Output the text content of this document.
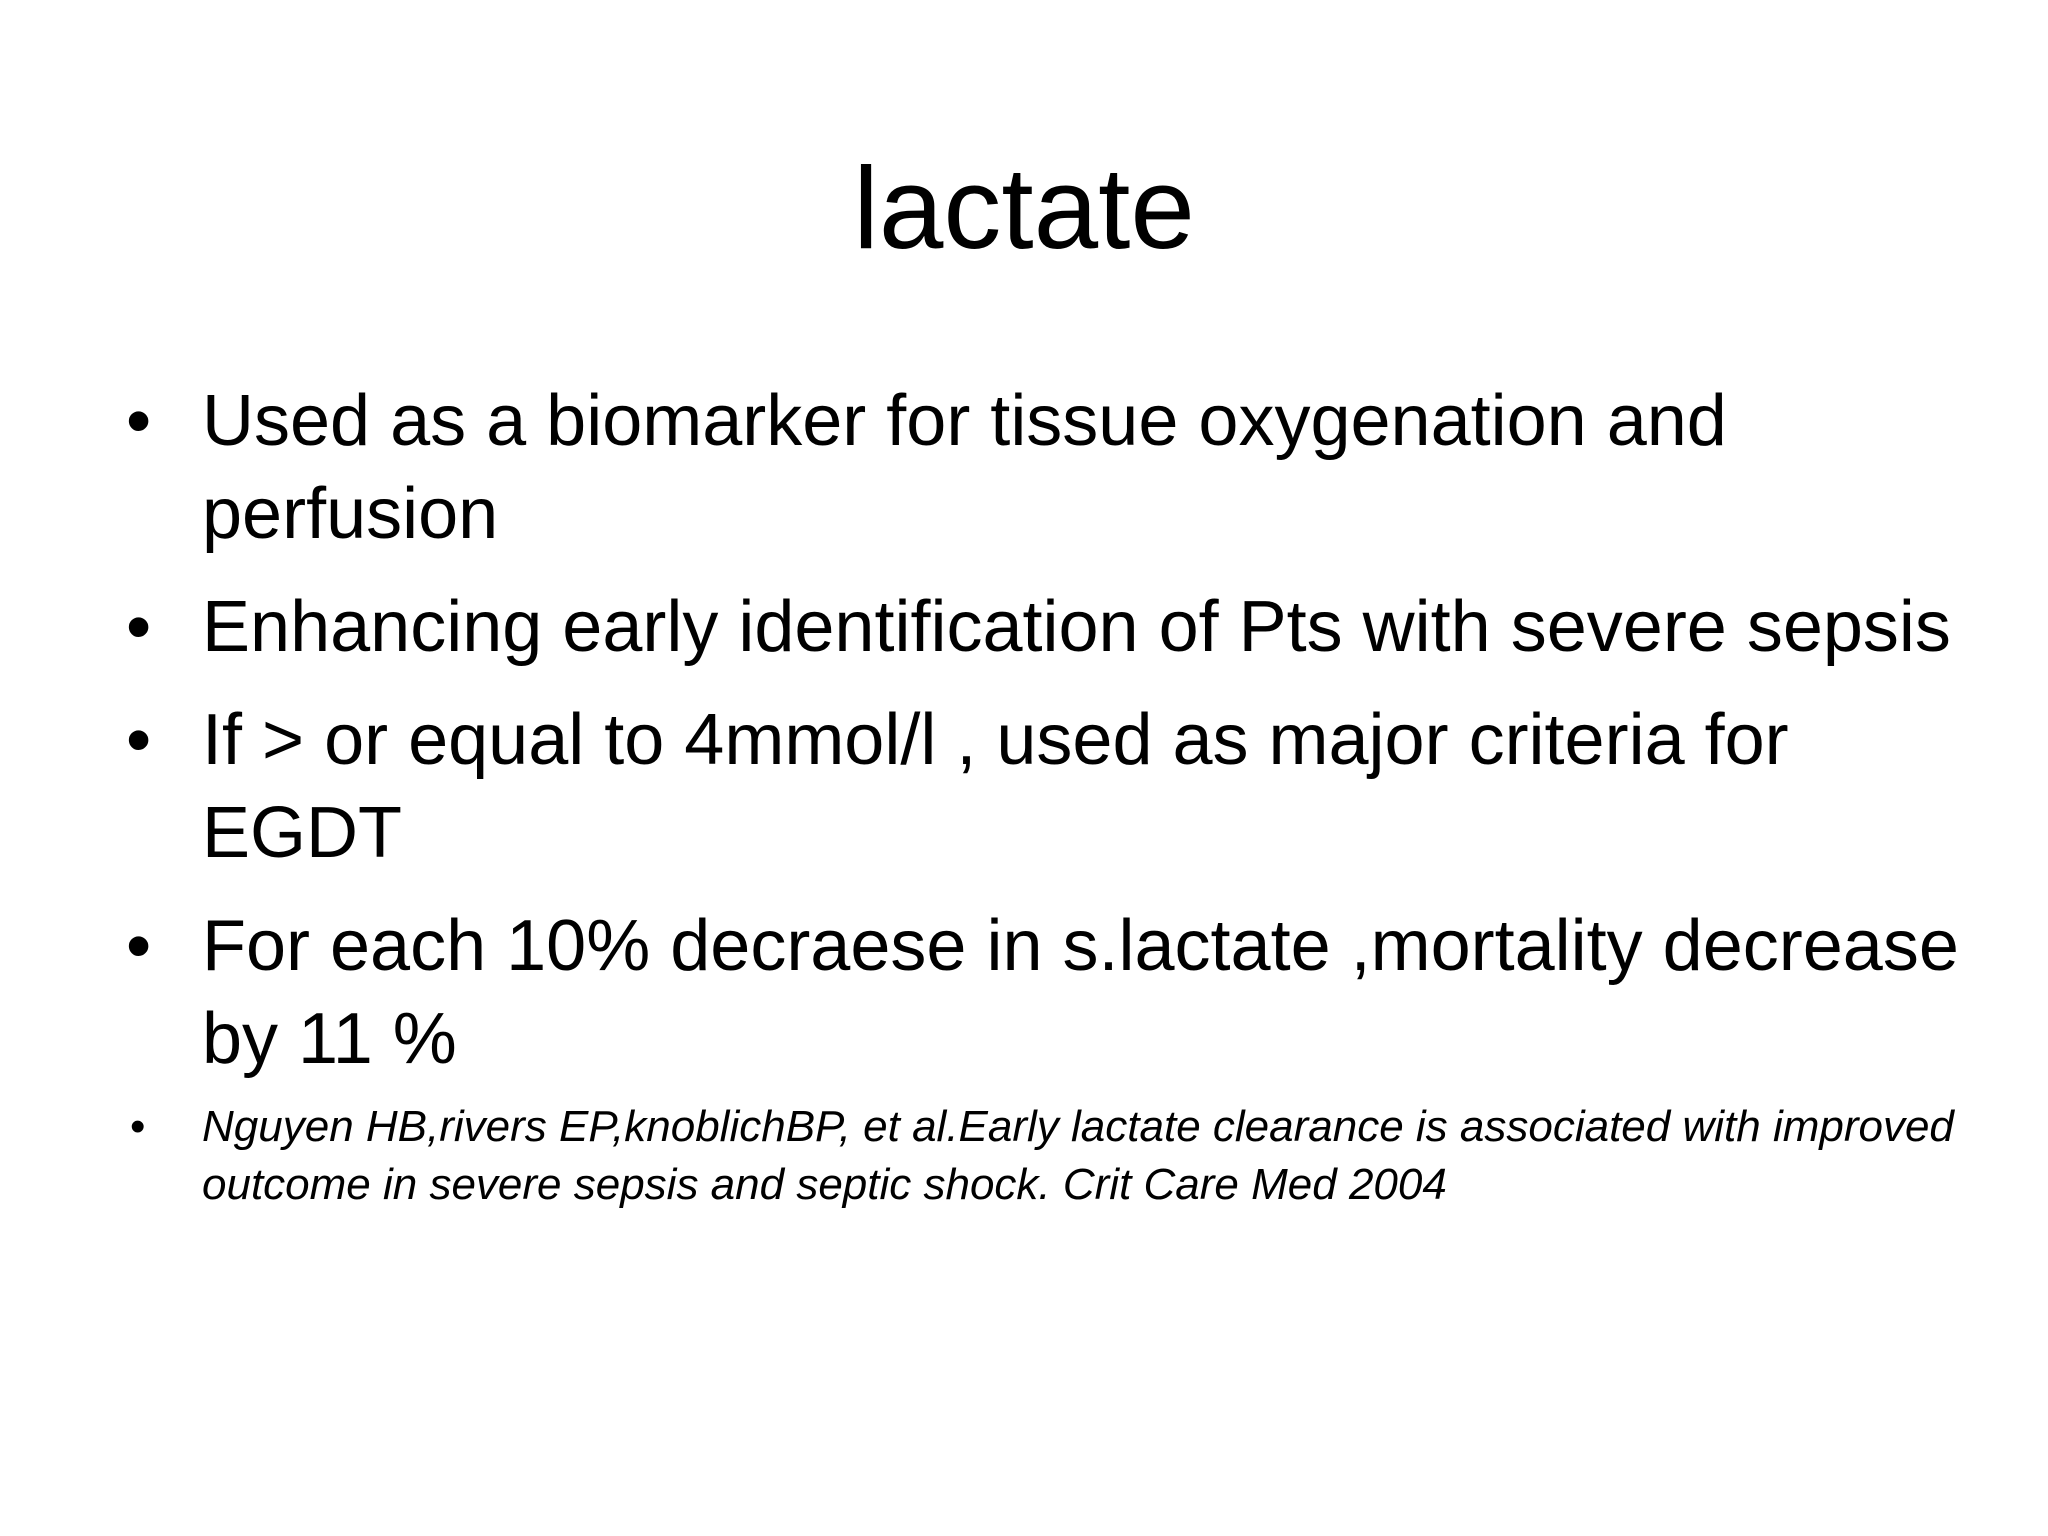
lactate
• Used as a biomarker for tissue oxygenation and perfusion
• Enhancing early identification of Pts with severe sepsis
• If > or equal to 4mmol/l , used as major criteria for EGDT
• For each 10% decraese in s.lactate ,mortality decrease by 11 %
• Nguyen HB,rivers EP,knoblichBP, et al.Early lactate clearance is associated with improved outcome in severe sepsis and septic shock. Crit Care Med 2004
